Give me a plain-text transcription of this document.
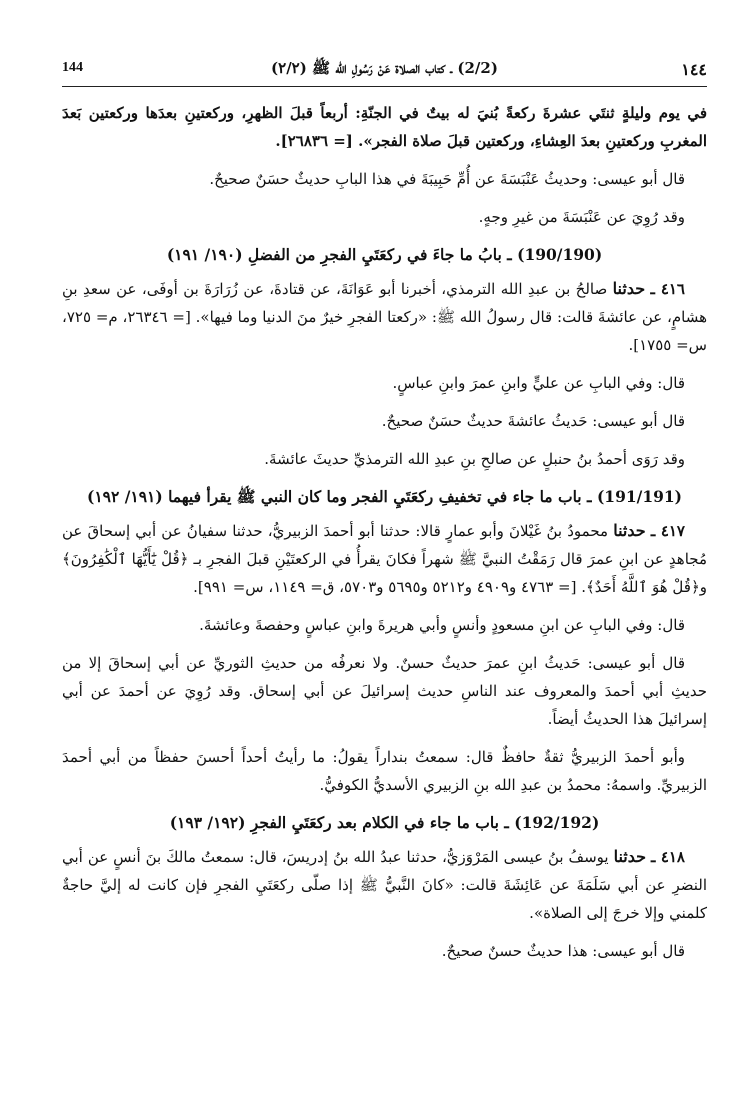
١٤٤
(2/2) ـ كتاب الصلاة عَنْ رَسُولِ الله ﷺ (٢/٢)
144

في يوم وليلةٍ ثنتَي عشرةَ ركعةً بُنيَ له بيتٌ في الجنّةِ: أربعاً قبلَ الظهرِ، وركعتينِ بعدَها وركعتين بَعدَ المغربِ وركعتينِ بعدَ العِشاءِ، وركعتين قبلَ صلاة الفجر». [= ٢٦٨٣٦].

قال أبو عيسى: وحديثُ عَنْبَسَةَ عن أُمِّ حَبِيبَةَ في هذا البابِ حديثٌ حسَنٌ صحيحٌ.

وقد رُوِيَ عن عَنْبَسَةَ من غيرِ وجهٍ.

(190/190) ـ بابُ ما جاءَ في ركعَتَيِ الفجرِ من الفضلِ (١٩٠/ ١٩١)

٤١٦ ـ حدثنا صالحُ بن عبدِ الله الترمذي، أخبرنا أبو عَوَانَةَ، عن قتادةَ، عن زُرَارَةَ بن أوفَى، عن سعدِ بنِ هشامٍ، عن عائشةَ قالت: قال رسولُ الله ﷺ: «ركعتا الفجرِ خيرٌ منَ الدنيا وما فيها». [= ٢٦٣٤٦، م= ٧٢٥، س= ١٧٥٥].

قال: وفي البابِ عن عليٍّ وابنِ عمرَ وابنِ عباسٍ.

قال أبو عيسى: حَديثُ عائشةَ حديثٌ حسَنٌ صحيحٌ.

وقد رَوَى أحمدُ بنُ حنبلٍ عن صالحِ بنِ عبدِ الله الترمذيِّ حديثَ عائشةَ.

(191/191) ـ باب ما جاء في تخفيفِ ركعَتَيِ الفجر وما كان النبي ﷺ يقرأ فيهما (١٩١/ ١٩٢)

٤١٧ ـ حدثنا محمودُ بنُ غَيْلانَ وأبو عمارٍ قالا: حدثنا أبو أحمدَ الزبيريُّ، حدثنا سفيانُ عن أبي إسحاقَ عن مُجاهدٍ عن ابنِ عمرَ قال رَمَقْتُ النبيَّ ﷺ شهراً فكانَ يقرأُ في الركعتَيْنِ قبلَ الفجرِ بـ ﴿قُلْ يَٰٓأَيُّهَا ٱلْكَٰفِرُونَ﴾ و﴿قُلْ هُوَ ٱللَّهُ أَحَدٌ﴾. [= ٤٧٦٣ و٤٩٠٩ و٥٢١٢ و٥٦٩٥ و٥٧٠٣، ق= ١١٤٩، س= ٩٩١].

قال: وفي البابِ عن ابنِ مسعودٍ وأنسٍ وأبي هريرةَ وابنِ عباسٍ وحفصةَ وعائشةَ.

قال أبو عيسى: حَديثُ ابنِ عمرَ حديثٌ حسنٌ. ولا نعرفُه من حديثِ الثوريِّ عن أبي إسحاقَ إلا من حديثِ أبي أحمدَ والمعروف عند الناسِ حديث إسرائيلَ عن أبي إسحاق. وقد رُوِيَ عن أحمدَ عن أبي إسرائيلَ هذا الحديثُ أيضاً.

وأبو أحمدَ الزبيريُّ ثقةٌ حافظٌ قال: سمعتُ بنداراً يقولُ: ما رأيتُ أحداً أحسنَ حفظاً من أبي أحمدَ الزبيريِّ. واسمهُ: محمدُ بن عبدِ الله بنِ الزبيري الأسديُّ الكوفيُّ.

(192/192) ـ باب ما جاء في الكلام بعد ركعَتَيِ الفجرِ (١٩٢/ ١٩٣)

٤١٨ ـ حدثنا يوسفُ بنُ عيسى المَرْوَزيُّ، حدثنا عبدُ الله بنُ إدريسَ، قال: سمعتُ مالكَ بنَ أنسٍ عن أبي النضرِ عن أبي سَلَمَةَ عن عَائِشَةَ قالت: «كانَ النَّبيُّ ﷺ إذا صلّى ركعَتَيِ الفجرِ فإن كانت له إليَّ حاجةٌ كلمني وإلا خرجَ إلى الصلاة».

قال أبو عيسى: هذا حديثٌ حسنٌ صحيحٌ.
